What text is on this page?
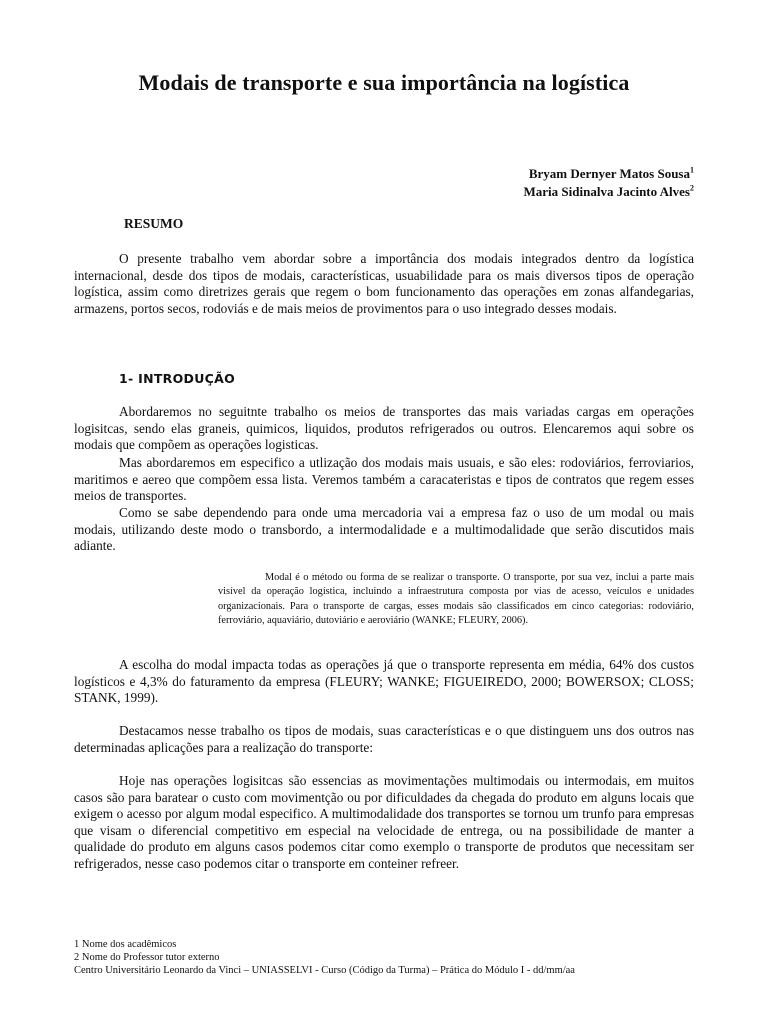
Modais de transporte e sua importância na logística
Bryam Dernyer Matos Sousa$^1$
Maria Sidinalva Jacinto Alves$^2$
RESUMO

O presente trabalho vem abordar sobre a importância dos modais integrados dentro da logística internacional, desde dos tipos de modais, características, usuabilidade para os mais diversos tipos de operação logística, assim como diretrizes gerais que regem o bom funcionamento das operações em zonas alfandegarias, armazens, portos secos, rodoviás e de mais meios de provimentos para o uso integrado desses modais.

1- INTRODUÇÃO

Abordaremos no seguitnte trabalho os meios de transportes das mais variadas cargas em operações logisitcas, sendo elas graneis, quimicos, liquidos, produtos refrigerados ou outros. Elencaremos aqui sobre os modais que compõem as operações logisticas.

Mas abordaremos em especifico a utlização dos modais mais usuais, e são eles: rodoviários, ferroviarios, maritimos e aereo que compõem essa lista. Veremos também a caracateristas e tipos de contratos que regem esses meios de transportes.

Como se sabe dependendo para onde uma mercadoria vai a empresa faz o uso de um modal ou mais modais, utilizando deste modo o transbordo, a intermodalidade e a multimodalidade que serão discutidos mais adiante.

Modal é o método ou forma de se realizar o transporte. O transporte, por sua vez, inclui a parte mais visível da operação logística, incluindo a infraestrutura composta por vias de acesso, veículos e unidades organizacionais. Para o transporte de cargas, esses modais são classificados em cinco categorias: rodoviário, ferroviário, aquaviário, dutoviário e aeroviário (WANKE; FLEURY, 2006).

A escolha do modal impacta todas as operações já que o transporte representa em média, 64% dos custos logísticos e 4,3% do faturamento da empresa (FLEURY; WANKE; FIGUEIREDO, 2000; BOWERSOX; CLOSS; STANK, 1999).

Destacamos nesse trabalho os tipos de modais, suas características e o que distinguem uns dos outros nas determinadas aplicações para a realização do transporte:

Hoje nas operações logisitcas são essencias as movimentações multimodais ou intermodais, em muitos casos são para baratear o custo com movimentção ou por dificuldades da chegada do produto em alguns locais que exigem o acesso por algum modal especifico. A multimodalidade dos transportes se tornou um trunfo para empresas que visam o diferencial competitivo em especial na velocidade de entrega, ou na possibilidade de manter a qualidade do produto em alguns casos podemos citar como exemplo o transporte de produtos que necessitam ser refrigerados, nesse caso podemos citar o transporte em conteiner refreer.

1 Nome dos acadêmicos
2 Nome do Professor tutor externo
Centro Universitário Leonardo da Vinci – UNIASSELVI - Curso (Código da Turma) – Prática do Módulo I - dd/mm/aa
